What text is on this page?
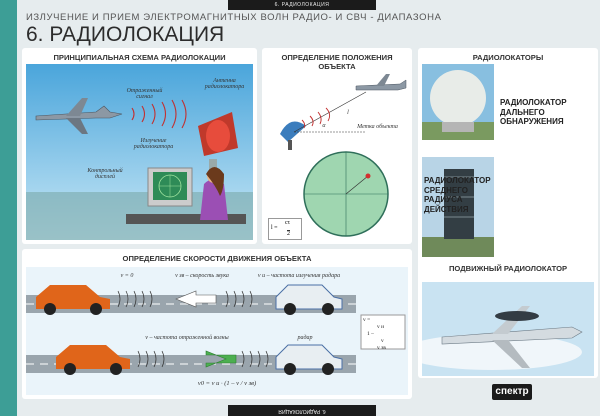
6. РАДИОЛОКАЦИЯ
6. РАДИОЛОКАЦИЯ
ИЗЛУЧЕНИЕ И ПРИЕМ ЭЛЕКТРОМАГНИТНЫХ ВОЛН РАДИО- И СВЧ - ДИАПАЗОНА
6. РАДИОЛОКАЦИЯ
ПРИНЦИПИАЛЬНАЯ СХЕМА РАДИОЛОКАЦИИ
Отраженный сигнал
Антенна радиолокатора
Излучение радиолокатора
Контрольный дисплей
ОПРЕДЕЛЕНИЕ ПОЛОЖЕНИЯ ОБЪЕКТА
l
α	Метка объекта
l =
cτ
2
РАДИОЛОКАТОРЫ
РАДИОЛОКАТОР ДАЛЬНЕГО ОБНАРУЖЕНИЯ
ПОДВИЖНЫЙ РАДИОЛОКАТОР
РАДИОЛОКАТОР СРЕДНЕГО РАДИУСА ДЕЙСТВИЯ
ОПРЕДЕЛЕНИЕ СКОРОСТИ ДВИЖЕНИЯ ОБЪЕКТА
v = 0	v зв – скорость звука	v и – частота излучения радара
v – частота отраженной волны	радар
v =
v и
1 –
v
v зв
v0 = v и · (1 – v / v зв)
спектр
